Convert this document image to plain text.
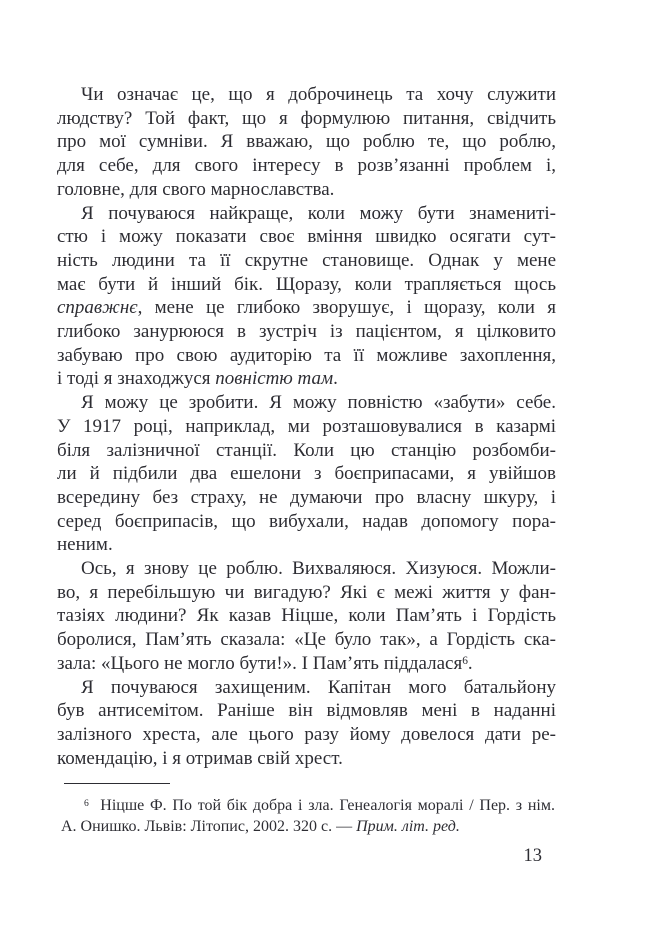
Чи означає це, що я доброчинець та хочу служити
людству? Той факт, що я формулюю питання, свідчить
про мої сумніви. Я вважаю, що роблю те, що роблю,
для себе, для свого інтересу в розв’язанні проблем і,
головне, для свого марнославства.
Я почуваюся найкраще, коли можу бути знамениті-
стю і можу показати своє вміння швидко осягати сут-
ність людини та її скрутне становище. Однак у мене
має бути й інший бік. Щоразу, коли трапляється щось
справжнє, мене це глибоко зворушує, і щоразу, коли я
глибоко занурююся в зустріч із пацієнтом, я цілковито
забуваю про свою аудиторію та її можливе захоплення,
і тоді я знаходжуся повністю там.
Я можу це зробити. Я можу повністю «забути» себе.
У 1917 році, наприклад, ми розташовувалися в казармі
біля залізничної станції. Коли цю станцію розбомби-
ли й підбили два ешелони з боєприпасами, я увійшов
всередину без страху, не думаючи про власну шкуру, і
серед боєприпасів, що вибухали, надав допомогу пора-
неним.
Ось, я знову це роблю. Вихваляюся. Хизуюся. Можли-
во, я перебільшую чи вигадую? Які є межі життя у фан-
тазіях людини? Як казав Ніцше, коли Пам’ять і Гордість
боролися, Пам’ять сказала: «Це було так», а Гордість ска-
зала: «Цього не могло бути!». І Пам’ять піддалася$^6$.
Я почуваюся захищеним. Капітан мого батальйону
був антисемітом. Раніше він відмовляв мені в наданні
залізного хреста, але цього разу йому довелося дати ре-
комендацію, і я отримав свій хрест.
$^6$  Ніцше Ф. По той бік добра і зла. Генеалогія моралі / Пер. з нім.
А. Онишко. Львів: Літопис, 2002. 320 с. — Прим. літ. ред.
13
